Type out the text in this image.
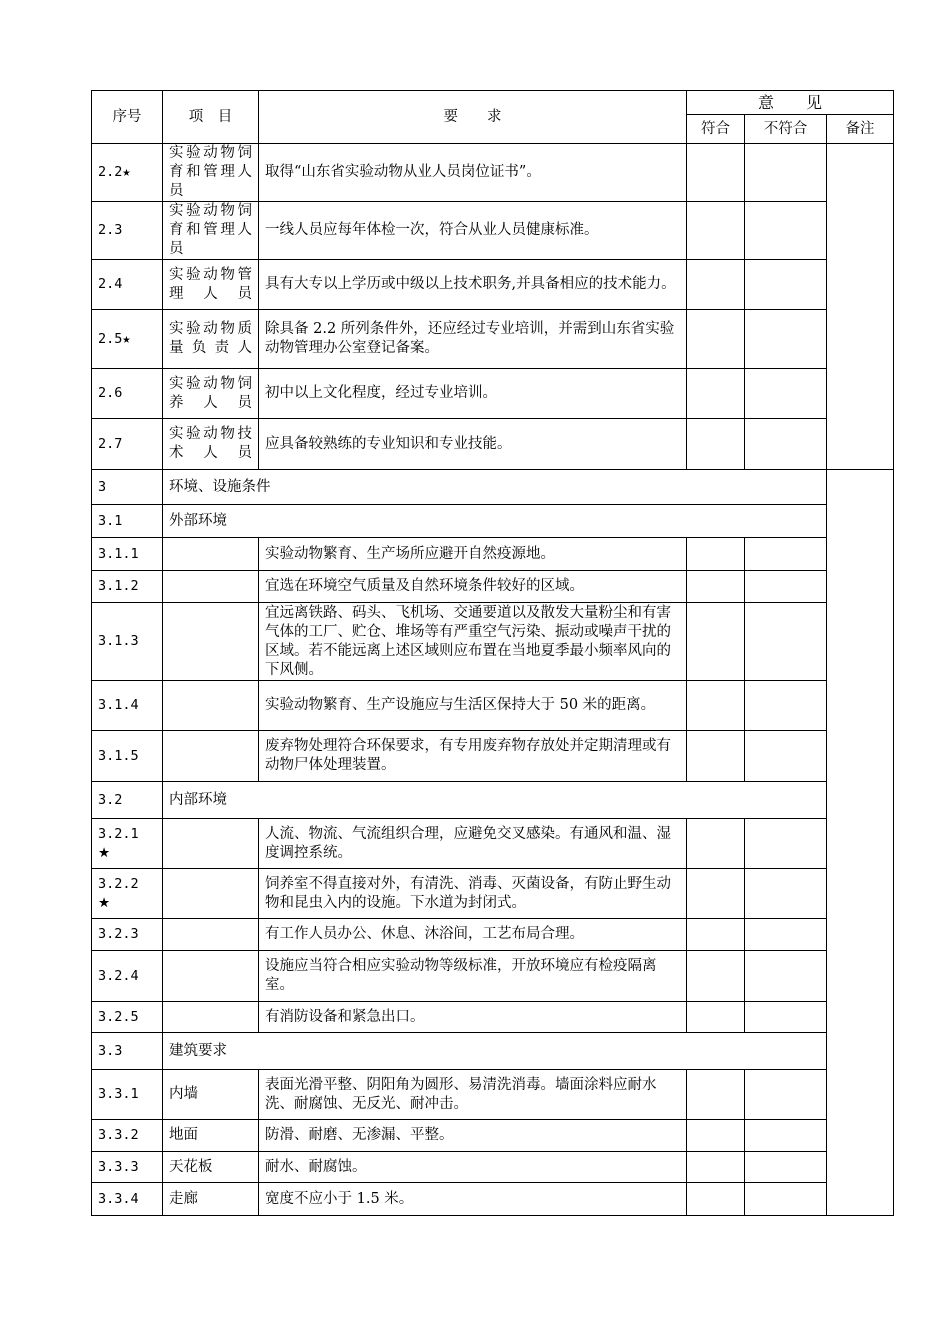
序号	项　目	要　　求	意　　见		
			符合	不符合	备注
2.2★	实验动物饲育和管理人员	取得“山东省实验动物从业人员岗位证书”。			
2.3	实验动物饲育和管理人员	一线人员应每年体检一次，符合从业人员健康标准。			
2.4	实验动物管理人员	具有大专以上学历或中级以上技术职务,并具备相应的技术能力。			
2.5★	实验动物质量负责人	除具备 2.2 所列条件外，还应经过专业培训，并需到山东省实验动物管理办公室登记备案。			
2.6	实验动物饲养人员	初中以上文化程度，经过专业培训。			
2.7	实验动物技术人员	应具备较熟练的专业知识和专业技能。			
3	环境、设施条件				
3.1	外部环境				
3.1.1		实验动物繁育、生产场所应避开自然疫源地。			
3.1.2		宜选在环境空气质量及自然环境条件较好的区域。			
3.1.3		宜远离铁路、码头、飞机场、交通要道以及散发大量粉尘和有害气体的工厂、贮仓、堆场等有严重空气污染、振动或噪声干扰的区域。若不能远离上述区域则应布置在当地夏季最小频率风向的下风侧。			
3.1.4		实验动物繁育、生产设施应与生活区保持大于 50 米的距离。			
3.1.5		废弃物处理符合环保要求，有专用废弃物存放处并定期清理或有动物尸体处理装置。			
3.2	内部环境				
3.2.1
★		人流、物流、气流组织合理，应避免交叉感染。有通风和温、湿度调控系统。			
3.2.2
★		饲养室不得直接对外，有清洗、消毒、灭菌设备，有防止野生动物和昆虫入内的设施。下水道为封闭式。			
3.2.3		有工作人员办公、休息、沐浴间，工艺布局合理。			
3.2.4		设施应当符合相应实验动物等级标准，开放环境应有检疫隔离室。			
3.2.5		有消防设备和紧急出口。			
3.3	建筑要求				
3.3.1	内墙	表面光滑平整、阴阳角为圆形、易清洗消毒。墙面涂料应耐水洗、耐腐蚀、无反光、耐冲击。			
3.3.2	地面	防滑、耐磨、无渗漏、平整。			
3.3.3	天花板	耐水、耐腐蚀。			
3.3.4	走廊	宽度不应小于 1.5 米。			
